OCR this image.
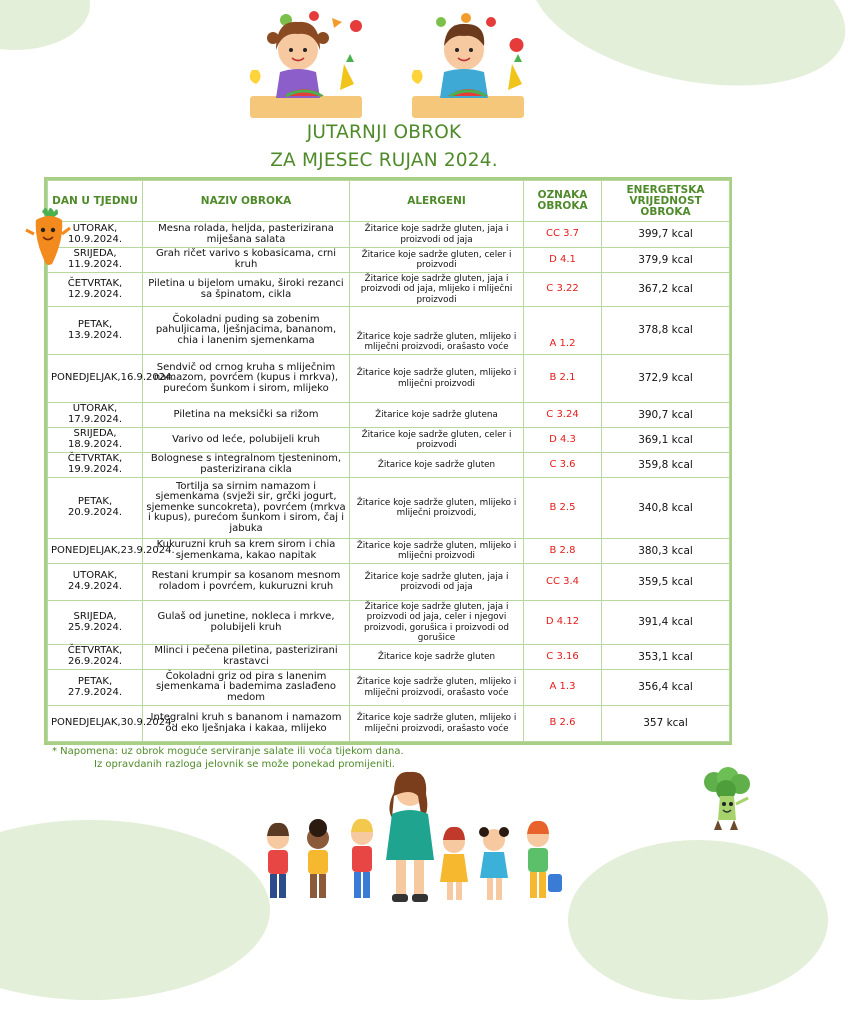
JUTARNJI OBROK
ZA MJESEC RUJAN 2024.
DAN U TJEDNU	NAZIV OBROKA	ALERGENI	OZNAKA OBROKA	ENERGETSKA VRIJEDNOST OBROKA
UTORAK, 10.9.2024.	Mesna rolada, heljda, pasterizirana miješana salata	Žitarice koje sadrže gluten, jaja i proizvodi od jaja	CC 3.7	399,7 kcal
SRIJEDA, 11.9.2024.	Grah ričet varivo s kobasicama, crni kruh	Žitarice koje sadrže gluten, celer i proizvodi	D 4.1	379,9 kcal
ČETVRTAK, 12.9.2024.	Piletina u bijelom umaku, široki rezanci sa špinatom, cikla	Žitarice koje sadrže gluten, jaja i proizvodi od jaja, mlijeko i mliječni proizvodi	C 3.22	367,2 kcal
PETAK, 13.9.2024.	Čokoladni puding sa zobenim pahuljicama, lješnjacima, bananom, chia i lanenim sjemenkama	Žitarice koje sadrže gluten, mlijeko i mliječni proizvodi, orašasto voće	A 1.2	378,8 kcal
PONEDJELJAK,16.9.2024.	Sendvič od crnog kruha s mliječnim namazom, povrćem (kupus i mrkva), purećom šunkom i sirom, mlijeko	Žitarice koje sadrže gluten, mlijeko i mliječni proizvodi	B 2.1	372,9 kcal
UTORAK, 17.9.2024.	Piletina na meksički sa rižom	Žitarice koje sadrže glutena	C 3.24	390,7 kcal
SRIJEDA, 18.9.2024.	Varivo od leće, polubijeli kruh	Žitarice koje sadrže gluten, celer i proizvodi	D 4.3	369,1 kcal
ČETVRTAK, 19.9.2024.	Bolognese s integralnom tjesteninom, pasterizirana cikla	Žitarice koje sadrže gluten	C 3.6	359,8 kcal
PETAK, 20.9.2024.	Tortilja sa sirnim namazom i sjemenkama (svježi sir, grčki jogurt, sjemenke suncokreta), povrćem (mrkva i kupus), purećom šunkom i sirom, čaj i jabuka	Žitarice koje sadrže gluten, mlijeko i mliječni proizvodi,	B 2.5	340,8 kcal
PONEDJELJAK,23.9.2024.	Kukuruzni kruh sa krem sirom i chia sjemenkama, kakao napitak	Žitarice koje sadrže gluten, mlijeko i mliječni proizvodi	B 2.8	380,3 kcal
UTORAK, 24.9.2024.	Restani krumpir sa kosanom mesnom roladom i povrćem, kukuruzni kruh	Žitarice koje sadrže gluten, jaja i proizvodi od jaja	CC 3.4	359,5 kcal
SRIJEDA, 25.9.2024.	Gulaš od junetine, nokleca i mrkve, polubijeli kruh	Žitarice koje sadrže gluten, jaja i proizvodi od jaja, celer i njegovi proizvodi, gorušica i proizvodi od gorušice	D 4.12	391,4 kcal
ČETVRTAK, 26.9.2024.	Mlinci i pečena piletina, pasterizirani krastavci	Žitarice koje sadrže gluten	C 3.16	353,1 kcal
PETAK, 27.9.2024.	Čokoladni griz od pira s lanenim sjemenkama i bademima zaslađeno medom	Žitarice koje sadrže gluten, mlijeko i mliječni proizvodi, orašasto voće	A 1.3	356,4 kcal
PONEDJELJAK,30.9.2024.	Integralni kruh s bananom i namazom od eko lješnjaka i kakaa, mlijeko	Žitarice koje sadrže gluten, mlijeko i mliječni proizvodi, orašasto voće	B 2.6	357 kcal
* Napomena: uz obrok moguće serviranje salate ili voća tijekom dana.
Iz opravdanih razloga jelovnik se može ponekad promijeniti.
